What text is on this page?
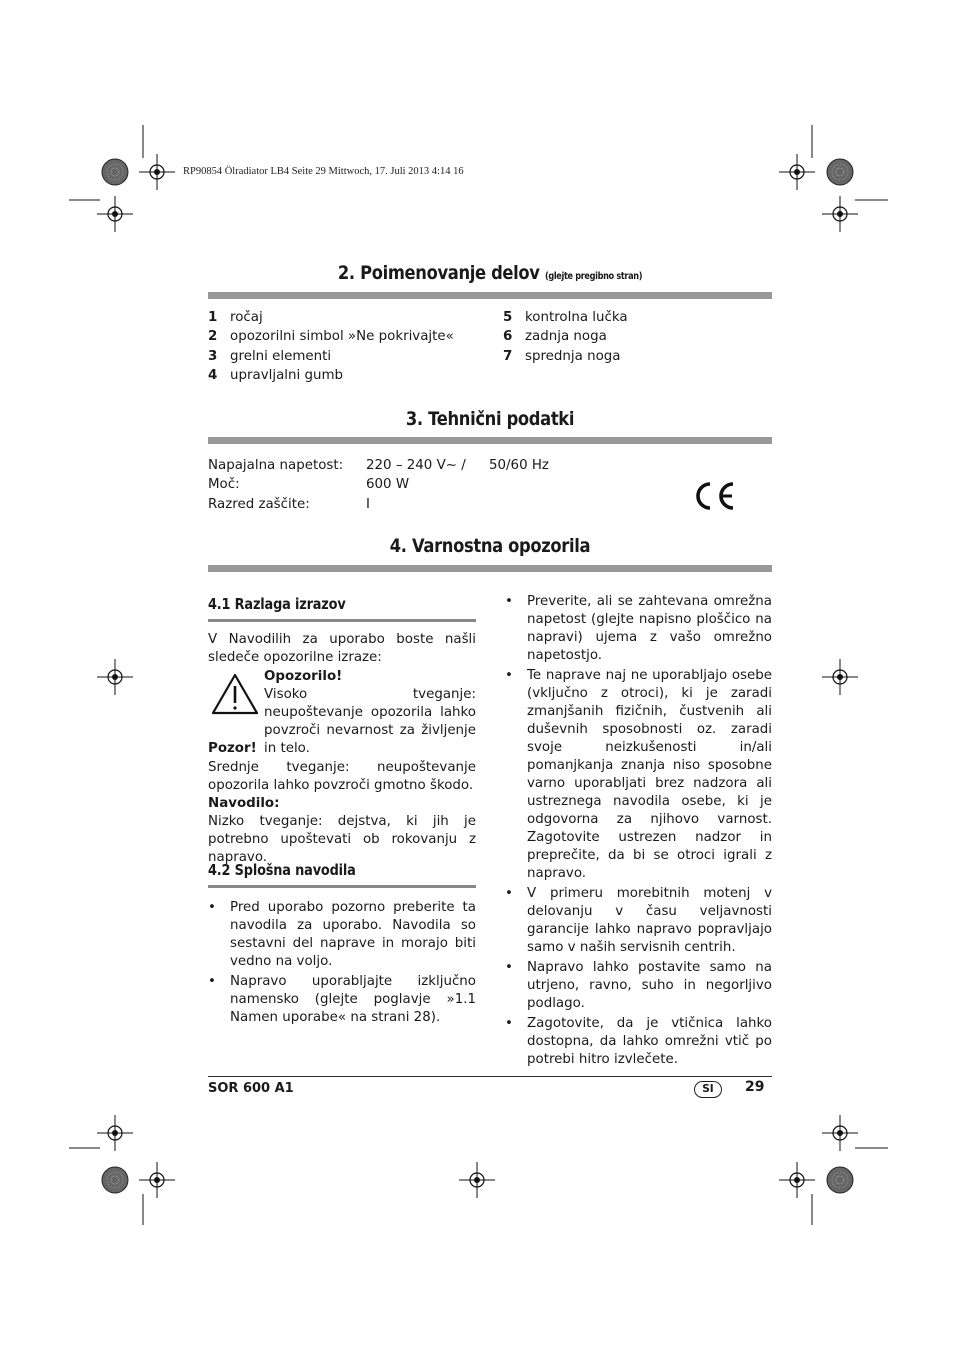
RP90854 Ölradiator LB4 Seite 29 Mittwoch, 17. Juli 2013 4:14 16
2. Poimenovanje delov (glejte pregibno stran)
1 ročaj
2 opozorilni simbol »Ne pokrivajte«
3 grelni elementi
4 upravljalni gumb
5 kontrolna lučka
6 zadnja noga
7 sprednja noga
3. Tehnični podatki
Napajalna napetost:
Moč:
Razred zaščite:
220 – 240 V~ /
600 W
I
50/60 Hz
4. Varnostna opozorila
4.1 Razlaga izrazov
V Navodilih za uporabo boste našli sledeče opozorilne izraze:
Opozorilo!
Visoko tveganje: neupoštevanje opozorila lahko povzroči nevarnost za življenje in telo.
Pozor!
Srednje tveganje: neupoštevanje opozorila lahko povzroči gmotno škodo.
Navodilo:
Nizko tveganje: dejstva, ki jih je potrebno upoštevati ob rokovanju z napravo.
4.2 Splošna navodila
• Pred uporabo pozorno preberite ta navodila za uporabo. Navodila so sestavni del naprave in morajo biti vedno na voljo.
• Napravo uporabljajte izključno namensko (glejte poglavje »1.1 Namen uporabe« na strani 28).
• Preverite, ali se zahtevana omrežna napetost (glejte napisno ploščico na napravi) ujema z vašo omrežno napetostjo.
• Te naprave naj ne uporabljajo osebe (vključno z otroci), ki je zaradi zmanjšanih fizičnih, čustvenih ali duševnih sposobnosti oz. zaradi svoje neizkušenosti in/ali pomanjkanja znanja niso sposobne varno uporabljati brez nadzora ali ustreznega navodila osebe, ki je odgovorna za njihovo varnost. Zagotovite ustrezen nadzor in preprečite, da bi se otroci igrali z napravo.
• V primeru morebitnih motenj v delovanju v času veljavnosti garancije lahko napravo popravljajo samo v naših servisnih centrih.
• Napravo lahko postavite samo na utrjeno, ravno, suho in negorljivo podlago.
• Zagotovite, da je vtičnica lahko dostopna, da lahko omrežni vtič po potrebi hitro izvlečete.
SOR 600 A1	SI	29
